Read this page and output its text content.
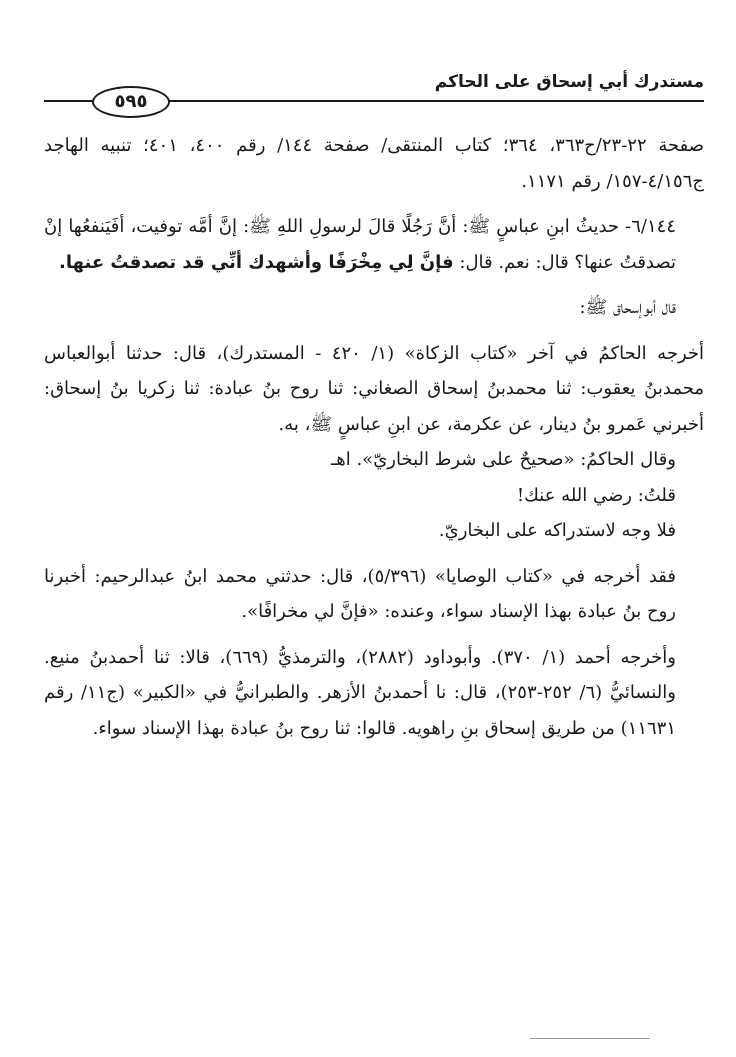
مستدرك أبي إسحاق على الحاكم
٥٩٥

صفحة ٢٢-٢٣/ح٣٦٣، ٣٦٤؛ كتاب المنتقى/ صفحة ١٤٤/ رقم ٤٠٠، ٤٠١؛ تنبيه الهاجد ج٤/١٥٦-١٥٧/ رقم ١١٧١.

٦/١٤٤- حديثُ ابنِ عباسٍ ﷺ: أنَّ رَجُلًا قالَ لرسولِ اللهِ ﷺ: إنَّ أمَّه توفيت، أفَيَنفعُها إنْ تصدقتُ عنها؟ قال: نعم. قال: فإنَّ لِي مِخْرَفًا وأشهدك أنِّي قد تصدقتُ عنها.

قال أبوإسحاق ﷺ:

أخرجه الحاكمُ في آخر «كتاب الزكاة» (١/ ٤٢٠ - المستدرك)، قال: حدثنا أبوالعباس محمدبنُ يعقوب: ثنا محمدبنُ إسحاق الصغاني: ثنا روح بنُ عبادة: ثنا زكريا بنُ إسحاق: أخبرني عَمرو بنُ دينار، عن عكرمة، عن ابنِ عباسٍ ﷺ، به.

وقال الحاكمُ: «صحيحٌ على شرط البخاريّ». اهـ

قلتُ: رضي الله عنك!

فلا وجه لاستدراكه على البخاريّ.

فقد أخرجه في «كتاب الوصايا» (٥/٣٩٦)، قال: حدثني محمد ابنُ عبدالرحيم: أخبرنا روح بنُ عبادة بهذا الإسناد سواء، وعنده: «فإنَّ لي مخرافًا».

وأخرجه أحمد (١/ ٣٧٠). وأبوداود (٢٨٨٢)، والترمذيُّ (٦٦٩)، قالا: ثنا أحمدبنُ منيع. والنسائيُّ (٦/ ٢٥٢-٢٥٣)، قال: نا أحمدبنُ الأزهر. والطبرانيُّ في «الكبير» (ج١١/ رقم ١١٦٣١) من طريق إسحاق بنِ راهويه. قالوا: ثنا روح بنُ عبادة بهذا الإسناد سواء.
